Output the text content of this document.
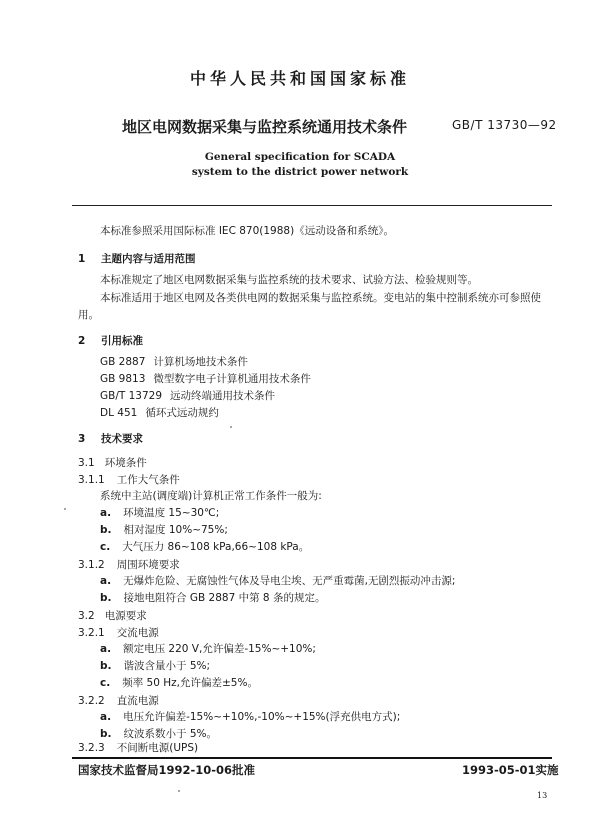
中华人民共和国国家标准
地区电网数据采集与监控系统通用技术条件	GB/T 13730—92
General specification for SCADA
system to the district power network
本标准参照采用国际标准 IEC 870(1988)《远动设备和系统》。
1 主题内容与适用范围
本标准规定了地区电网数据采集与监控系统的技术要求、试验方法、检验规则等。
本标准适用于地区电网及各类供电网的数据采集与监控系统。变电站的集中控制系统亦可参照使
用。
2 引用标准
GB 2887 计算机场地技术条件
GB 9813 微型数字电子计算机通用技术条件
GB/T 13729 远动终端通用技术条件
DL 451 循环式远动规约
3 技术要求
3.1 环境条件
3.1.1 工作大气条件
系统中主站(调度端)计算机正常工作条件一般为:
a. 环境温度 15~30℃;
b. 相对湿度 10%~75%;
c. 大气压力 86~108 kPa,66~108 kPa。
3.1.2 周围环境要求
a. 无爆炸危险、无腐蚀性气体及导电尘埃、无严重霉菌,无剧烈振动冲击源;
b. 接地电阻符合 GB 2887 中第 8 条的规定。
3.2 电源要求
3.2.1 交流电源
a. 额定电压 220 V,允许偏差-15%~+10%;
b. 谐波含量小于 5%;
c. 频率 50 Hz,允许偏差±5%。
3.2.2 直流电源
a. 电压允许偏差-15%~+10%,-10%~+15%(浮充供电方式);
b. 纹波系数小于 5%。
3.2.3 不间断电源(UPS)
国家技术监督局1992-10-06批准	1993-05-01实施
13
